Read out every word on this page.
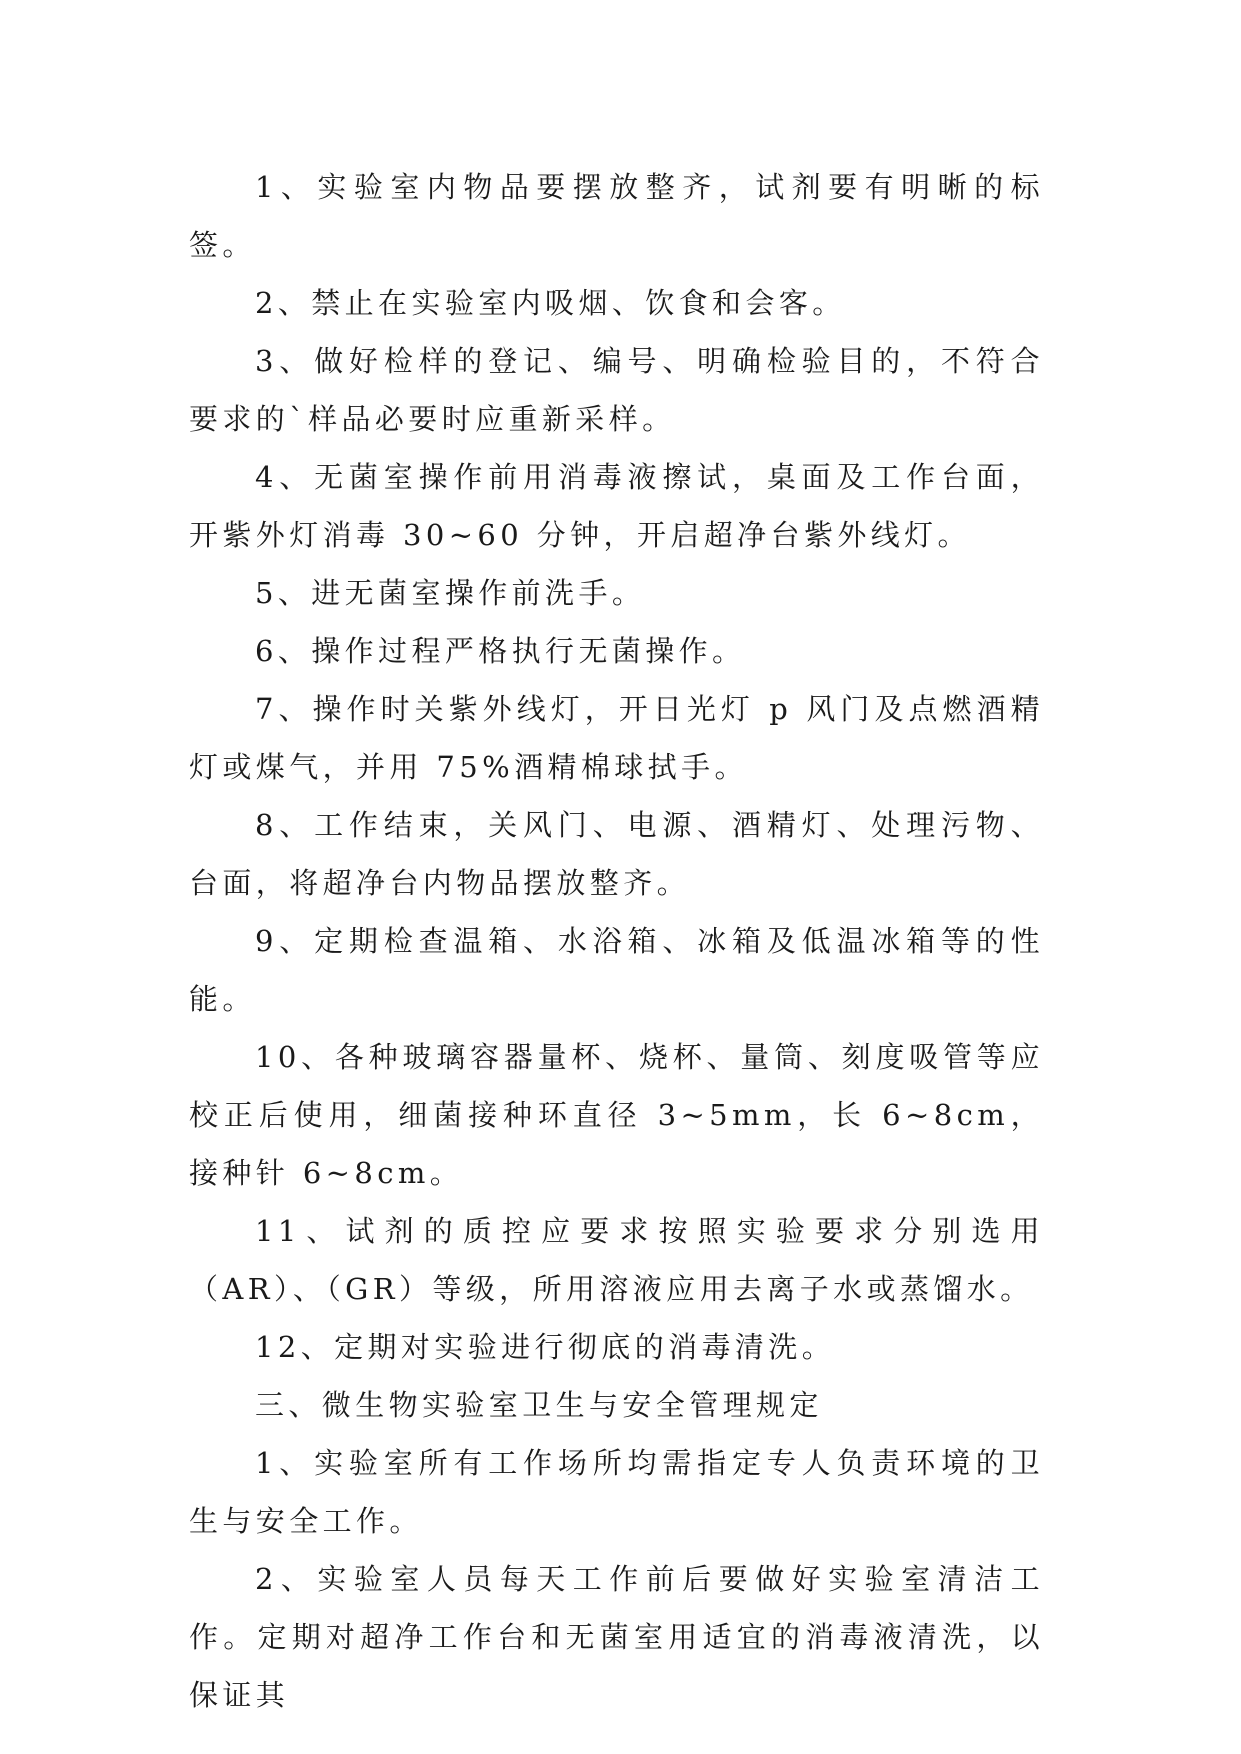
1、实验室内物品要摆放整齐，试剂要有明晰的标签。

2、禁止在实验室内吸烟、饮食和会客。

3、做好检样的登记、编号、明确检验目的，不符合要求的`样品必要时应重新采样。

4、无菌室操作前用消毒液擦试，桌面及工作台面，开紫外灯消毒 30~60 分钟，开启超净台紫外线灯。

5、进无菌室操作前洗手。

6、操作过程严格执行无菌操作。

7、操作时关紫外线灯，开日光灯 p 风门及点燃酒精灯或煤气，并用 75%酒精棉球拭手。

8、工作结束，关风门、电源、酒精灯、处理污物、台面，将超净台内物品摆放整齐。

9、定期检查温箱、水浴箱、冰箱及低温冰箱等的性能。

10、各种玻璃容器量杯、烧杯、量筒、刻度吸管等应校正后使用，细菌接种环直径 3~5mm，长 6~8cm，接种针 6~8cm。

11、试剂的质控应要求按照实验要求分别选用（AR）、（GR）等级，所用溶液应用去离子水或蒸馏水。

12、定期对实验进行彻底的消毒清洗。

三、微生物实验室卫生与安全管理规定

1、实验室所有工作场所均需指定专人负责环境的卫生与安全工作。

2、实验室人员每天工作前后要做好实验室清洁工作。定期对超净工作台和无菌室用适宜的消毒液清洗，以保证其
